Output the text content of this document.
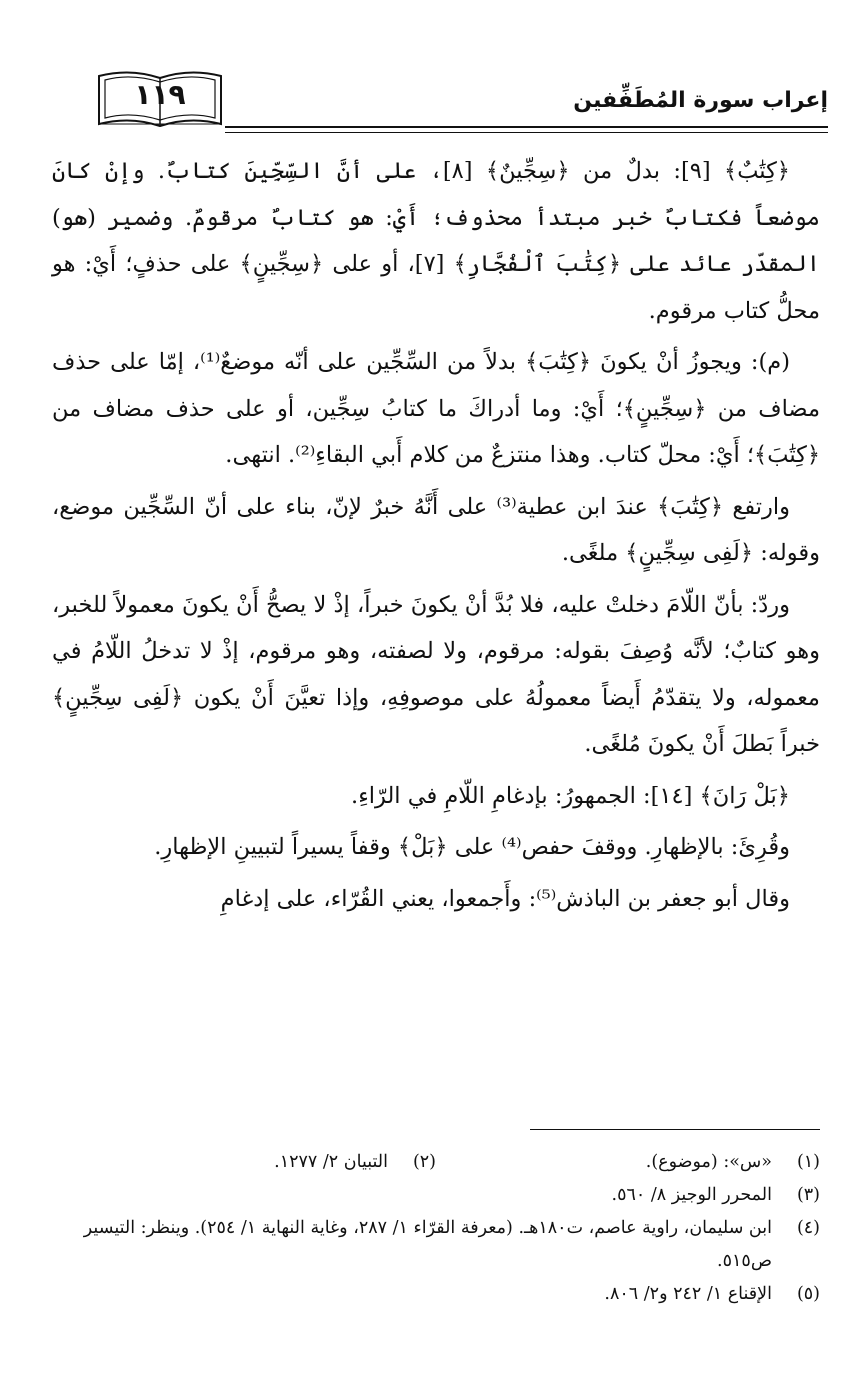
١١٩	إعراب سورة المُطَفِّفين

﴿كِتَٰبٌ﴾ [٩]: بدلٌ من ﴿سِجِّينٌ﴾ [٨]، على أنَّ السِّجِّينَ كتابٌ. وإنْ كانَ موضعاً فكتابٌ خبر مبتدأ محذوف؛ أَيْ: هو كتابٌ مرقومٌ. وضمير (هو) المقدّر عائد على ﴿كِتَٰبَ ٱلْفُجَّارِ﴾ [٧]، أو على ﴿سِجِّينٍ﴾ على حذفٍ؛ أَيْ: هو محلُّ كتاب مرقوم.

(م): ويجوزُ أنْ يكونَ ﴿كِتَٰبَ﴾ بدلاً من السِّجِّين على أنّه موضعٌ⁽¹⁾، إمّا على حذف مضاف من ﴿سِجِّينٍ﴾؛ أَيْ: وما أدراكَ ما كتابُ سِجِّين، أو على حذف مضاف من ﴿كِتَٰبَ﴾؛ أَيْ: محلّ كتاب. وهذا منتزعٌ من كلام أَبي البقاءِ⁽²⁾. انتهى.

وارتفع ﴿كِتَٰبَ﴾ عندَ ابن عطية⁽³⁾ على أَنَّهُ خبرٌ لإنّ، بناء على أنّ السِّجِّين موضع، وقوله: ﴿لَفِى سِجِّينٍ﴾ ملغًى.

وردّ: بأنّ اللّامَ دخلتْ عليه، فلا بُدَّ أنْ يكونَ خبراً، إذْ لا يصحُّ أَنْ يكونَ معمولاً للخبر، وهو كتابٌ؛ لأنَّه وُصِفَ بقوله: مرقوم، ولا لصفته، وهو مرقوم، إذْ لا تدخلُ اللّامُ في معموله، ولا يتقدّمُ أَيضاً معمولُهُ على موصوفِهِ، وإذا تعيَّنَ أَنْ يكون ﴿لَفِى سِجِّينٍ﴾ خبراً بَطلَ أَنْ يكونَ مُلغًى.

﴿بَلْ رَانَ﴾ [١٤]: الجمهورُ: بإدغامِ اللّامِ في الرّاءِ.

وقُرِئَ: بالإظهارِ. ووقفَ حفص⁽⁴⁾ على ﴿بَلْ﴾ وقفاً يسيراً لتبيينِ الإظهارِ.

وقال أبو جعفر بن الباذش⁽⁵⁾: وأَجمعوا، يعني القُرّاء، على إدغامِ

(١)
«س»: (موضوع).
(٢)
التبيان ٢/ ١٢٧٧.
(٣)
المحرر الوجيز ٨/ ٥٦٠.
(٤)
ابن سليمان، راوية عاصم، ت١٨٠هـ. (معرفة القرّاء ١/ ٢٨٧، وغاية النهاية ١/ ٢٥٤). وينظر: التيسير ص٥١٥.
(٥)
الإقناع ١/ ٢٤٢ و٢/ ٨٠٦.
